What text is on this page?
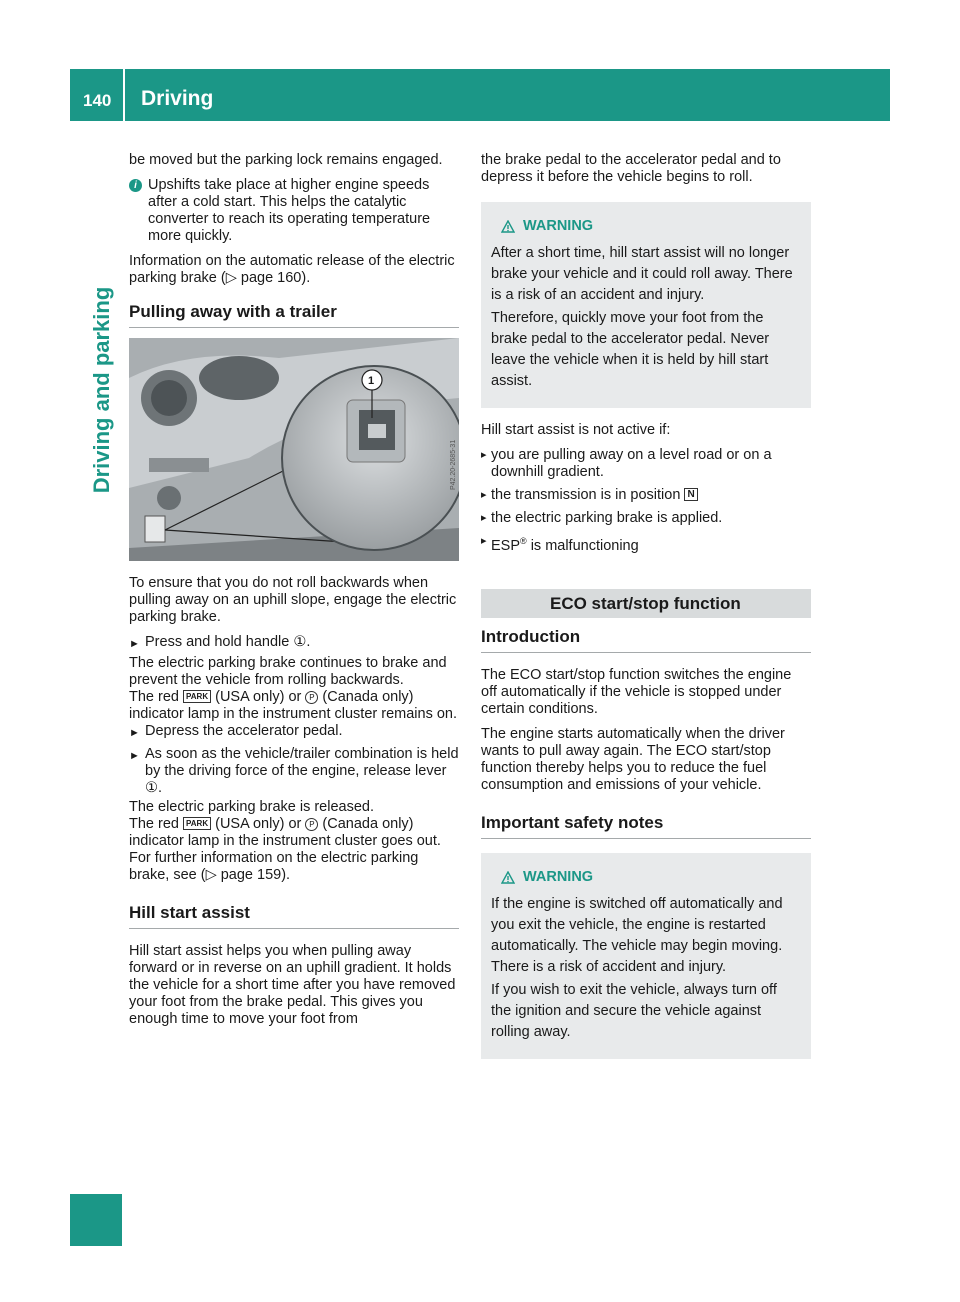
140 Driving
Driving and parking

be moved but the parking lock remains engaged.

i Upshifts take place at higher engine speeds after a cold start. This helps the catalytic converter to reach its operating temperature more quickly.

Information on the automatic release of the electric parking brake (▷ page 160).

Pulling away with a trailer
1
P42.20-2685-31

To ensure that you do not roll backwards when pulling away on an uphill slope, engage the electric parking brake.

► Press and hold handle ①.

The electric parking brake continues to brake and prevent the vehicle from rolling backwards.

The red PARK (USA only) or P (Canada only) indicator lamp in the instrument cluster remains on.

► Depress the accelerator pedal.
► As soon as the vehicle/trailer combination is held by the driving force of the engine, release lever ①.

The electric parking brake is released.

The red PARK (USA only) or P (Canada only) indicator lamp in the instrument cluster goes out.

For further information on the electric parking brake, see (▷ page 159).

Hill start assist

Hill start assist helps you when pulling away forward or in reverse on an uphill gradient. It holds the vehicle for a short time after you have removed your foot from the brake pedal. This gives you enough time to move your foot from

the brake pedal to the accelerator pedal and to depress it before the vehicle begins to roll.

WARNING

After a short time, hill start assist will no longer brake your vehicle and it could roll away. There is a risk of an accident and injury.

Therefore, quickly move your foot from the brake pedal to the accelerator pedal. Never leave the vehicle when it is held by hill start assist.

Hill start assist is not active if:

▸ you are pulling away on a level road or on a downhill gradient.
▸ the transmission is in position N
▸ the electric parking brake is applied.
▸ ESP® is malfunctioning
ECO start/stop function
Introduction

The ECO start/stop function switches the engine off automatically if the vehicle is stopped under certain conditions.

The engine starts automatically when the driver wants to pull away again. The ECO start/stop function thereby helps you to reduce the fuel consumption and emissions of your vehicle.

Important safety notes
WARNING

If the engine is switched off automatically and you exit the vehicle, the engine is restarted automatically. The vehicle may begin moving. There is a risk of accident and injury.

If you wish to exit the vehicle, always turn off the ignition and secure the vehicle against rolling away.
